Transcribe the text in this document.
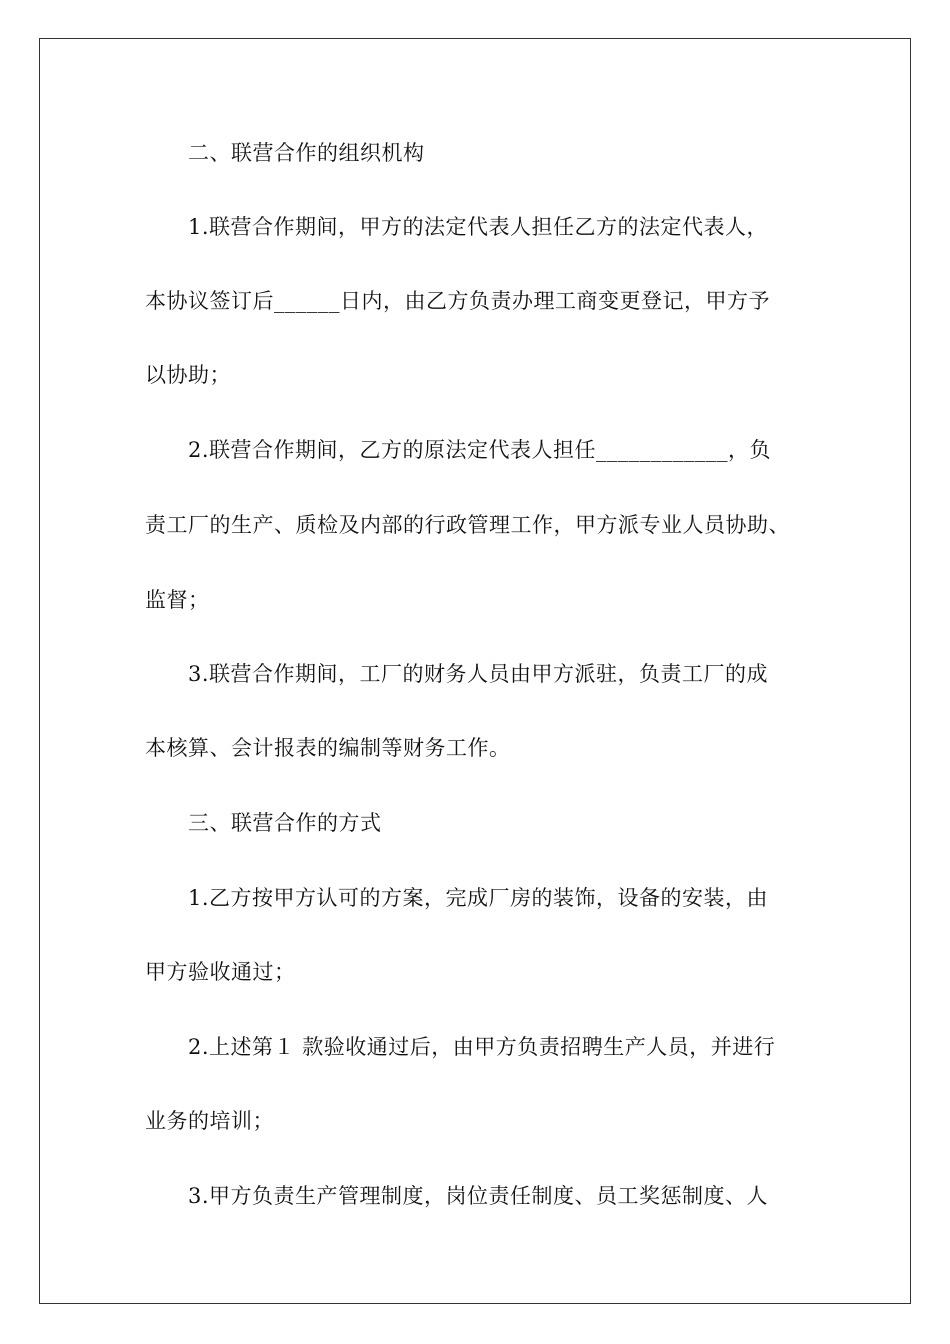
二、联营合作的组织机构
1.联营合作期间，甲方的法定代表人担任乙方的法定代表人，
本协议签订后______日内，由乙方负责办理工商变更登记，甲方予
以协助；
2.联营合作期间，乙方的原法定代表人担任____________，负
责工厂的生产、质检及内部的行政管理工作，甲方派专业人员协助、
监督；
3.联营合作期间，工厂的财务人员由甲方派驻，负责工厂的成
本核算、会计报表的编制等财务工作。
三、联营合作的方式
1.乙方按甲方认可的方案，完成厂房的装饰，设备的安装，由
甲方验收通过；
2.上述第１ 款验收通过后，由甲方负责招聘生产人员，并进行
业务的培训；
3.甲方负责生产管理制度，岗位责任制度、员工奖惩制度、人
